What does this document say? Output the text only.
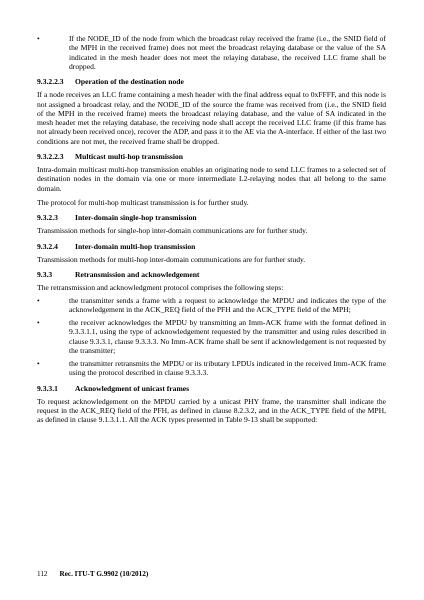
•	If the NODE_ID of the node from which the broadcast relay received the frame (i.e., the SNID field of the MPH in the received frame) does not meet the broadcast relaying database or the value of the SA indicated in the mesh header does not meet the relaying database, the received LLC frame shall be dropped.
9.3.2.2.3	Operation of the destination node

If a node receives an LLC frame containing a mesh header with the final address equal to 0xFFFF, and this node is not assigned a broadcast relay, and the NODE_ID of the source the frame was received from (i.e., the SNID field of the MPH in the received frame) meets the broadcast relaying database, and the value of SA indicated in the mesh header met the relaying database, the receiving node shall accept the received LLC frame (if this frame has not already been received once), recover the ADP, and pass it to the AE via the A-interface. If either of the last two conditions are not met, the received frame shall be dropped.

9.3.2.2.3	Multicast multi-hop transmission

Intra-domain multicast multi-hop transmission enables an originating node to send LLC frames to a selected set of destination nodes in the domain via one or more intermediate L2-relaying nodes that all belong to the same domain.

The protocol for multi-hop multicast transmission is for further study.

9.3.2.3	Inter-domain single-hop transmission

Transmission methods for single-hop inter-domain communications are for further study.

9.3.2.4	Inter-domain multi-hop transmission

Transmission methods for multi-hop inter-domain communications are for further study.

9.3.3	Retransmission and acknowledgement

The retransmission and acknowledgment protocol comprises the following steps:

•	the transmitter sends a frame with a request to acknowledge the MPDU and indicates the type of the acknowledgement in the ACK_REQ field of the PFH and the ACK_TYPE field of the MPH;
•	the receiver acknowledges the MPDU by transmitting an Imm-ACK frame with the format defined in 9.3.3.1.1, using the type of acknowledgement requested by the transmitter and using rules described in clause 9.3.3.1, clause 9.3.3.3. No Imm-ACK frame shall be sent if acknowledgement is not requested by the transmitter;
•	the transmitter retransmits the MPDU or its tributary LPDUs indicated in the received Imm-ACK frame using the protocol described in clause 9.3.3.3.
9.3.3.1	Acknowledgment of unicast frames

To request acknowledgement on the MPDU carried by a unicast PHY frame, the transmitter shall indicate the request in the ACK_REQ field of the PFH, as defined in clause 8.2.3.2, and in the ACK_TYPE field of the MPH, as defined in clause 9.1.3.1.1. All the ACK types presented in Table 9-13 shall be supported:

112 Rec. ITU-T G.9902 (10/2012)
